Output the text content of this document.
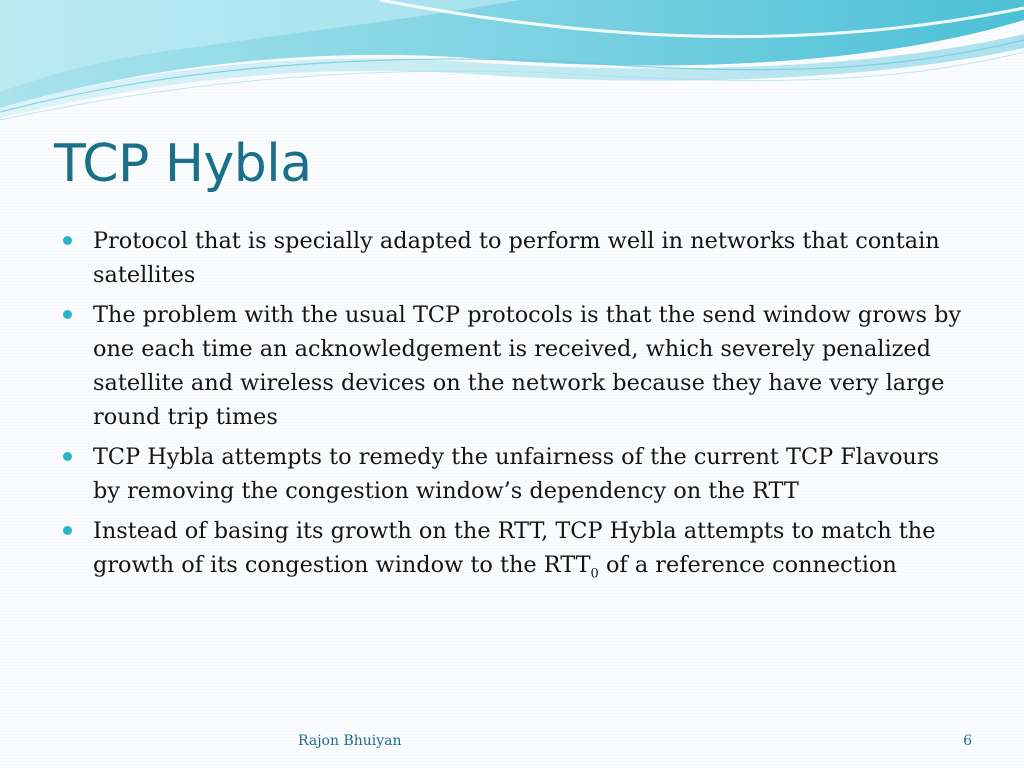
TCP Hybla
Protocol that is specially adapted to perform well in networks that contain satellites
The problem with the usual TCP protocols is that the send window grows by one each time an acknowledgement is received, which severely penalized satellite and wireless devices on the network because they have very large round trip times
TCP Hybla attempts to remedy the unfairness of the current TCP Flavours by removing the congestion window’s dependency on the RTT
Instead of basing its growth on the RTT, TCP Hybla attempts to match the growth of its congestion window to the $RTT_0$ of a reference connection
Rajon Bhuiyan	6
